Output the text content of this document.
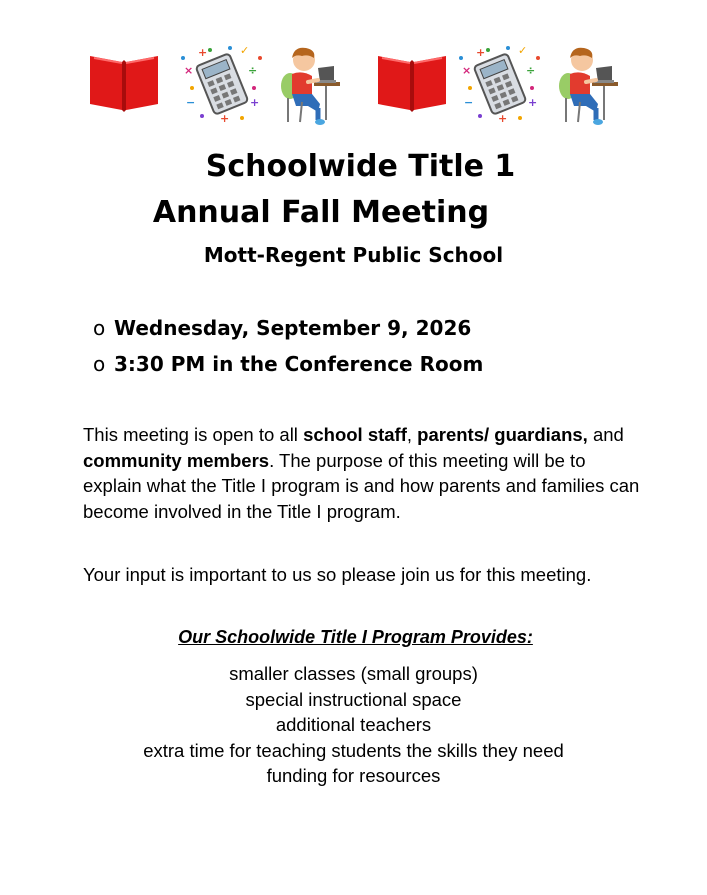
×
+
÷
+
−
✓
+
×
+
÷
+
−
✓
+
Schoolwide Title 1
Annual Fall Meeting
Mott-Regent Public School
o Wednesday, September 9, 2026
o 3:30 PM in the Conference Room
This meeting is open to all school staff, parents/ guardians, and community members. The purpose of this meeting will be to explain what the Title I program is and how parents and families can become involved in the Title I program.
Your input is important to us so please join us for this meeting.
Our Schoolwide Title I Program Provides:
smaller classes (small groups)
special instructional space
additional teachers
extra time for teaching students the skills they need
funding for resources
